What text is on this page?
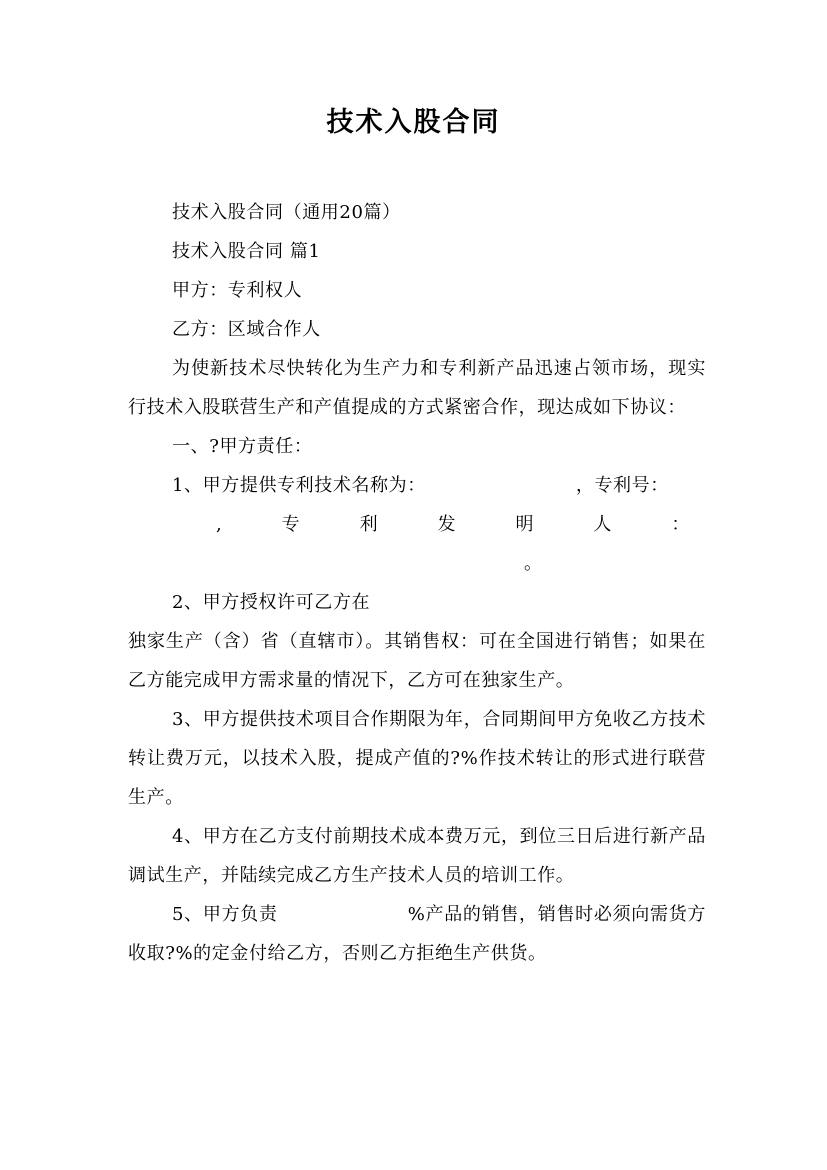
技术入股合同

技术入股合同（通用20篇）

技术入股合同 篇1

甲方：专利权人

乙方：区域合作人

为使新技术尽快转化为生产力和专利新产品迅速占领市场，现实行技术入股联营生产和产值提成的方式紧密合作，现达成如下协议：

一、?甲方责任：

1、甲方提供专利技术名称为：	，专利号：

,	专	利	发	明	人	：

。

2、甲方授权许可乙方在

独家生产（含）省（直辖市）。其销售权：可在全国进行销售；如果在乙方能完成甲方需求量的情况下，乙方可在独家生产。

3、甲方提供技术项目合作期限为年，合同期间甲方免收乙方技术转让费万元，以技术入股，提成产值的?%作技术转让的形式进行联营生产。

4、甲方在乙方支付前期技术成本费万元，到位三日后进行新产品调试生产，并陆续完成乙方生产技术人员的培训工作。

5、甲方负责	%产品的销售，销售时必须向需货方收取?%的定金付给乙方，否则乙方拒绝生产供货。
